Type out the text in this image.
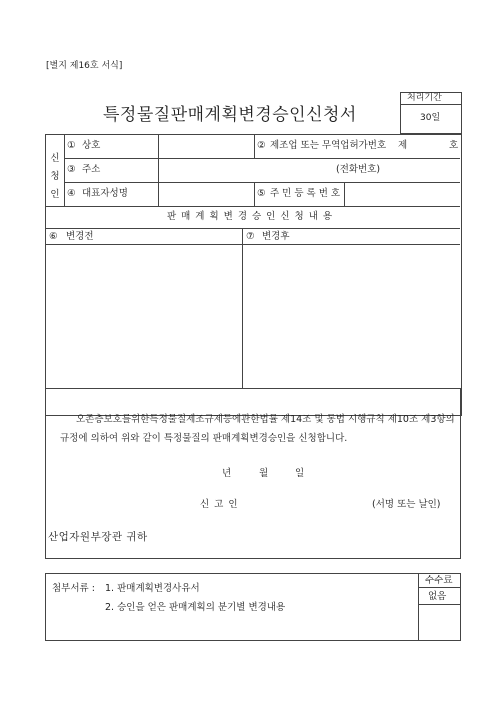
[별지 제16호 서식]
특정물질판매계획변경승인신청서
처리기간
30일
신청인
① 상호	② 제조업 또는 무역업허가번호 제	호
③ 주소	(전화번호)
④ 대표자성명	⑤ 주민등록번호
판매계획변경승인신청내용
⑥ 변경전	⑦ 변경후
오존층보호를위한특정물질제조규제등에관한법률 제14조 및 동법 시행규칙 제10조 제3항의 규정에 의하여 위와 같이 특정물질의 판매계획변경승인을 신청합니다.
년	월	일
신고인	(서명 또는 날인)
산업자원부장관 귀하
첨부서류 : 1. 판매계획변경사유서
2. 승인을 얻은 판매계획의 분기별 변경내용
수수료
없음
